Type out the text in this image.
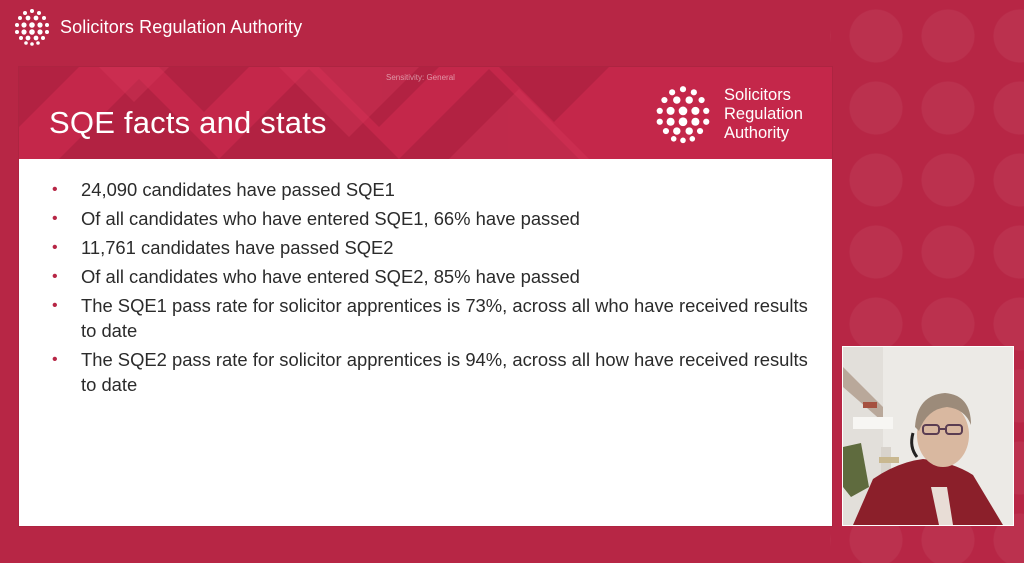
Solicitors Regulation Authority
Sensitivity: General
SQE facts and stats
Solicitors
Regulation
Authority
• 24,090 candidates have passed SQE1
• Of all candidates who have entered SQE1, 66% have passed
• 11,761 candidates have passed SQE2
• Of all candidates who have entered SQE2, 85% have passed
• The SQE1 pass rate for solicitor apprentices is 73%, across all who have received results to date
• The SQE2 pass rate for solicitor apprentices is 94%, across all how have received results to date
